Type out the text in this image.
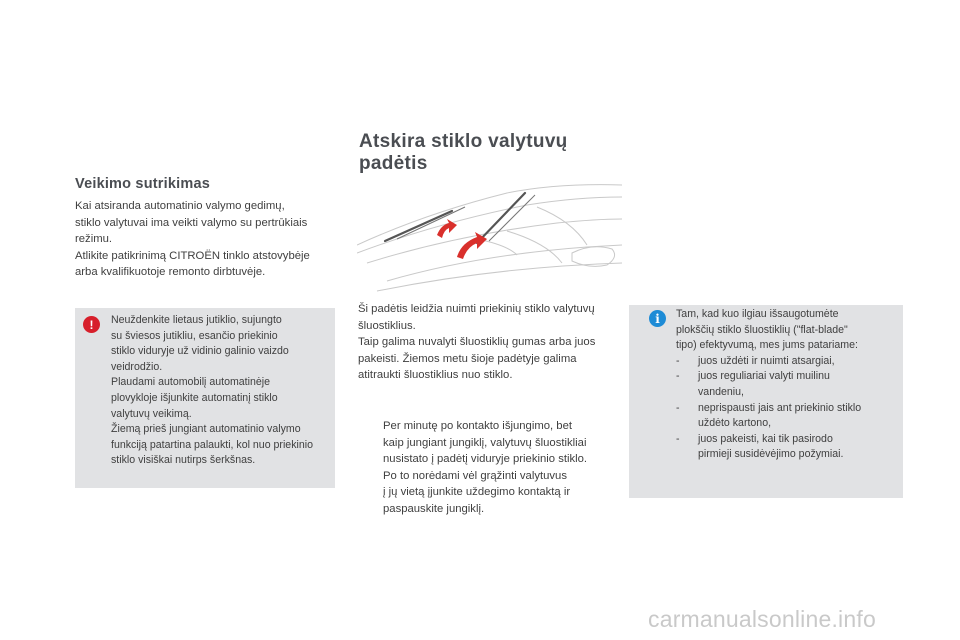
Veikimo sutrikimas
Kai atsiranda automatinio valymo gedimų,
stiklo valytuvai ima veikti valymo su pertrūkiais
režimu.
Atlikite patikrinimą CITROËN tinklo atstovybėje
arba kvalifikuotoje remonto dirbtuvėje.
!	Neuždenkite lietaus jutiklio, sujungto
su šviesos jutikliu, esančio priekinio
stiklo viduryje už vidinio galinio vaizdo
veidrodžio.
Plaudami automobilį automatinėje
plovykloje išjunkite automatinį stiklo
valytuvų veikimą.
Žiemą prieš jungiant automatinio valymo
funkciją patartina palaukti, kol nuo priekinio
stiklo visiškai nutirps šerkšnas.
Atskira stiklo valytuvų
padėtis
Ši padėtis leidžia nuimti priekinių stiklo valytuvų
šluostiklius.
Taip galima nuvalyti šluostiklių gumas arba juos
pakeisti. Žiemos metu šioje padėtyje galima
atitraukti šluostiklius nuo stiklo.
Per minutę po kontakto išjungimo, bet
kaip jungiant jungiklį, valytuvų šluostikliai
nusistato į padėtį viduryje priekinio stiklo.
Po to norėdami vėl grąžinti valytuvus
į jų vietą įjunkite uždegimo kontaktą ir
paspauskite jungiklį.
i	Tam, kad kuo ilgiau išsaugotumėte
plokščių stiklo šluostiklių ("flat-blade"
tipo) efektyvumą, mes jums patariame:
-	juos uždėti ir nuimti atsargiai,
-	juos reguliariai valyti muilinu
vandeniu,
-	neprispausti jais ant priekinio stiklo
uždėto kartono,
-	juos pakeisti, kai tik pasirodo
pirmieji susidėvėjimo požymiai.
carmanualsonline.info
